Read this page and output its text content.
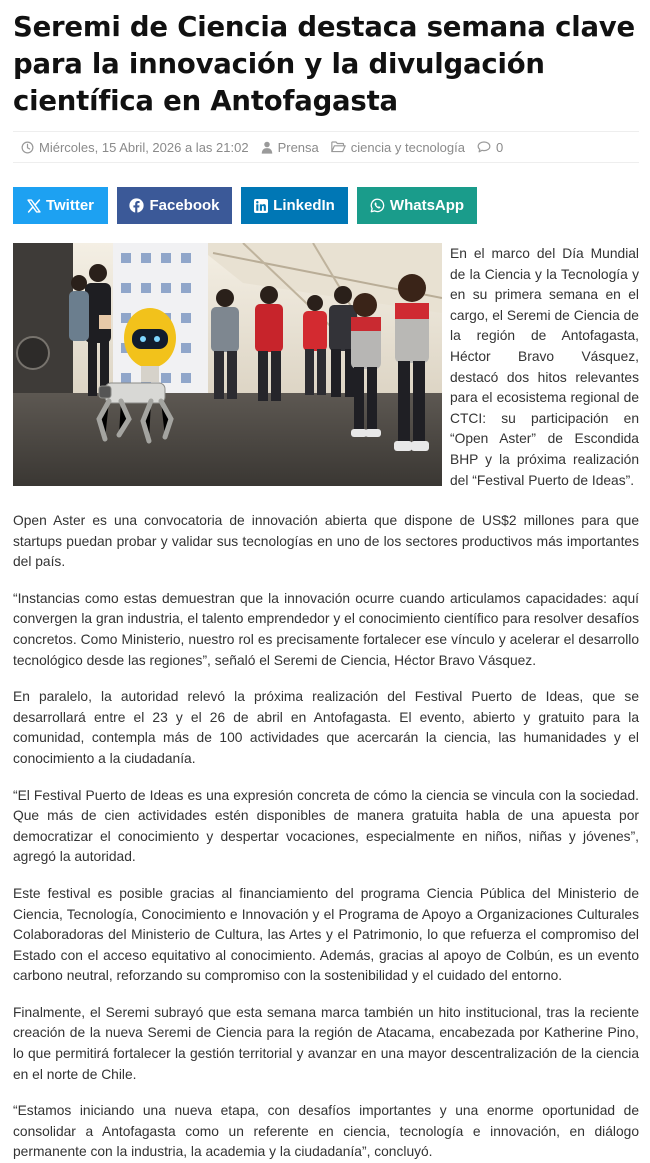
Seremi de Ciencia destaca semana clave para la innovación y la divulgación científica en Antofagasta
Miércoles, 15 Abril, 2026 a las 21:02 Prensa ciencia y tecnología 0
Twitter	Facebook	LinkedIn	WhatsApp
En el marco del Día Mundial de la Ciencia y la Tecnología y en su primera semana en el cargo, el Seremi de Ciencia de la región de Antofagasta, Héctor Bravo Vásquez, destacó dos hitos relevantes para el ecosistema regional de CTCI: su participación en “Open Aster” de Escondida BHP y la próxima realización del “Festival Puerto de Ideas”.

Open Aster es una convocatoria de innovación abierta que dispone de US$2 millones para que startups puedan probar y validar sus tecnologías en uno de los sectores productivos más importantes del país.

“Instancias como estas demuestran que la innovación ocurre cuando articulamos capacidades: aquí convergen la gran industria, el talento emprendedor y el conocimiento científico para resolver desafíos concretos. Como Ministerio, nuestro rol es precisamente fortalecer ese vínculo y acelerar el desarrollo tecnológico desde las regiones”, señaló el Seremi de Ciencia, Héctor Bravo Vásquez.

En paralelo, la autoridad relevó la próxima realización del Festival Puerto de Ideas, que se desarrollará entre el 23 y el 26 de abril en Antofagasta. El evento, abierto y gratuito para la comunidad, contempla más de 100 actividades que acercarán la ciencia, las humanidades y el conocimiento a la ciudadanía.

“El Festival Puerto de Ideas es una expresión concreta de cómo la ciencia se vincula con la sociedad. Que más de cien actividades estén disponibles de manera gratuita habla de una apuesta por democratizar el conocimiento y despertar vocaciones, especialmente en niños, niñas y jóvenes”, agregó la autoridad.

Este festival es posible gracias al financiamiento del programa Ciencia Pública del Ministerio de Ciencia, Tecnología, Conocimiento e Innovación y el Programa de Apoyo a Organizaciones Culturales Colaboradoras del Ministerio de Cultura, las Artes y el Patrimonio, lo que refuerza el compromiso del Estado con el acceso equitativo al conocimiento. Además, gracias al apoyo de Colbún, es un evento carbono neutral, reforzando su compromiso con la sostenibilidad y el cuidado del entorno.

Finalmente, el Seremi subrayó que esta semana marca también un hito institucional, tras la reciente creación de la nueva Seremi de Ciencia para la región de Atacama, encabezada por Katherine Pino, lo que permitirá fortalecer la gestión territorial y avanzar en una mayor descentralización de la ciencia en el norte de Chile.

“Estamos iniciando una nueva etapa, con desafíos importantes y una enorme oportunidad de consolidar a Antofagasta como un referente en ciencia, tecnología e innovación, en diálogo permanente con la industria, la academia y la ciudadanía”, concluyó.
